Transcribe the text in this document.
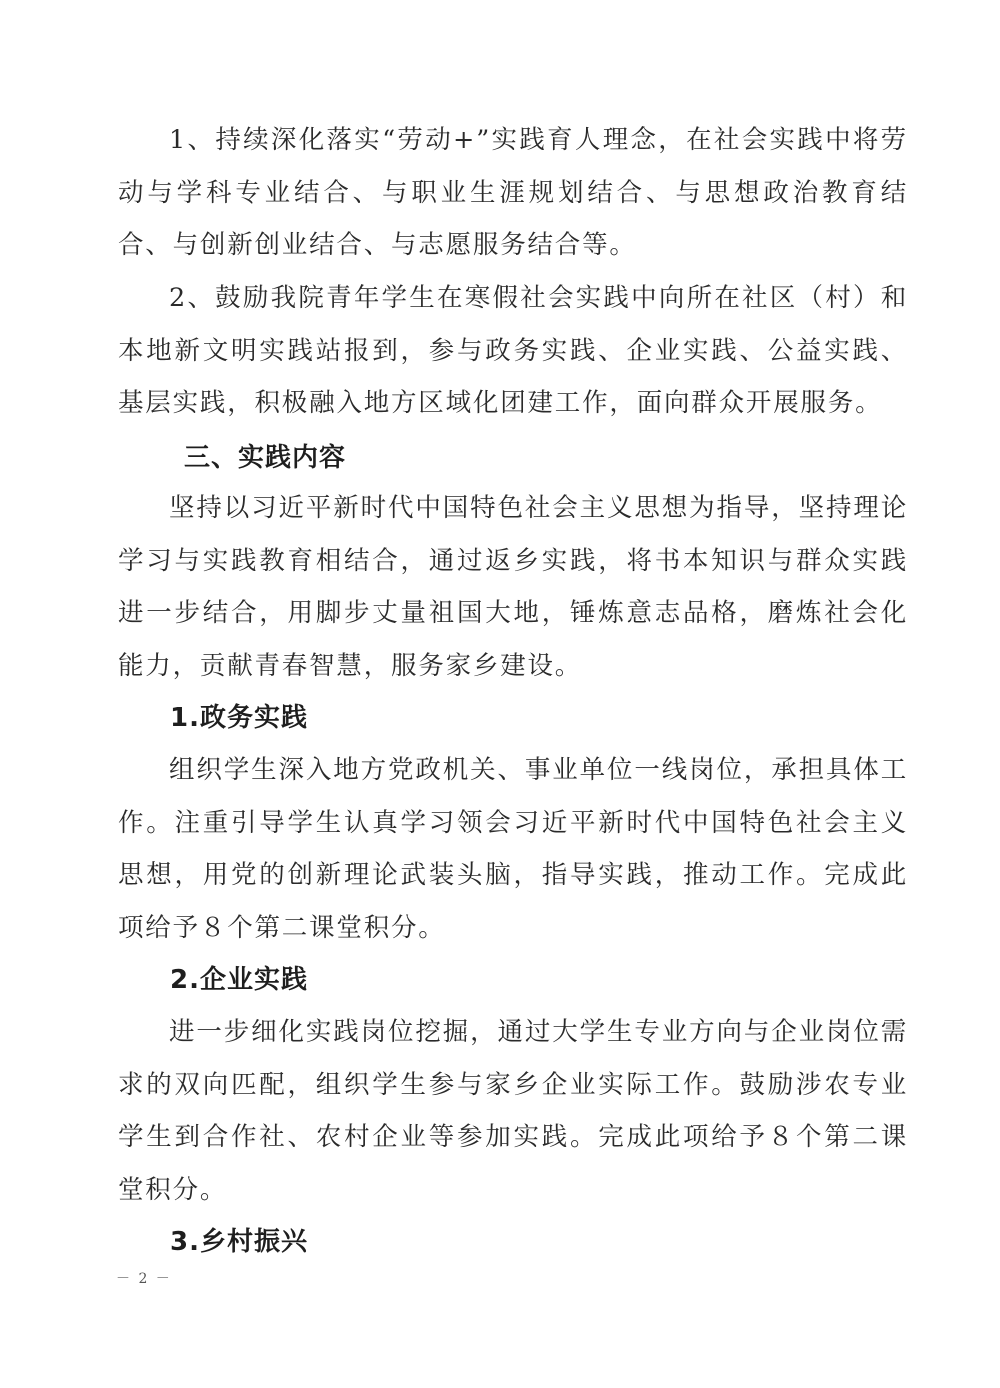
1、持续深化落实“劳动+”实践育人理念，在社会实践中将劳动与学科专业结合、与职业生涯规划结合、与思想政治教育结合、与创新创业结合、与志愿服务结合等。

2、鼓励我院青年学生在寒假社会实践中向所在社区（村）和本地新文明实践站报到，参与政务实践、企业实践、公益实践、基层实践，积极融入地方区域化团建工作，面向群众开展服务。

三、实践内容

坚持以习近平新时代中国特色社会主义思想为指导，坚持理论学习与实践教育相结合，通过返乡实践，将书本知识与群众实践进一步结合，用脚步丈量祖国大地，锤炼意志品格，磨炼社会化能力，贡献青春智慧，服务家乡建设。

1.政务实践

组织学生深入地方党政机关、事业单位一线岗位，承担具体工作。注重引导学生认真学习领会习近平新时代中国特色社会主义思想，用党的创新理论武装头脑，指导实践，推动工作。完成此项给予８个第二课堂积分。

2.企业实践

进一步细化实践岗位挖掘，通过大学生专业方向与企业岗位需求的双向匹配，组织学生参与家乡企业实际工作。鼓励涉农专业学生到合作社、农村企业等参加实践。完成此项给予８个第二课堂积分。

3.乡村振兴
－ 2 －
